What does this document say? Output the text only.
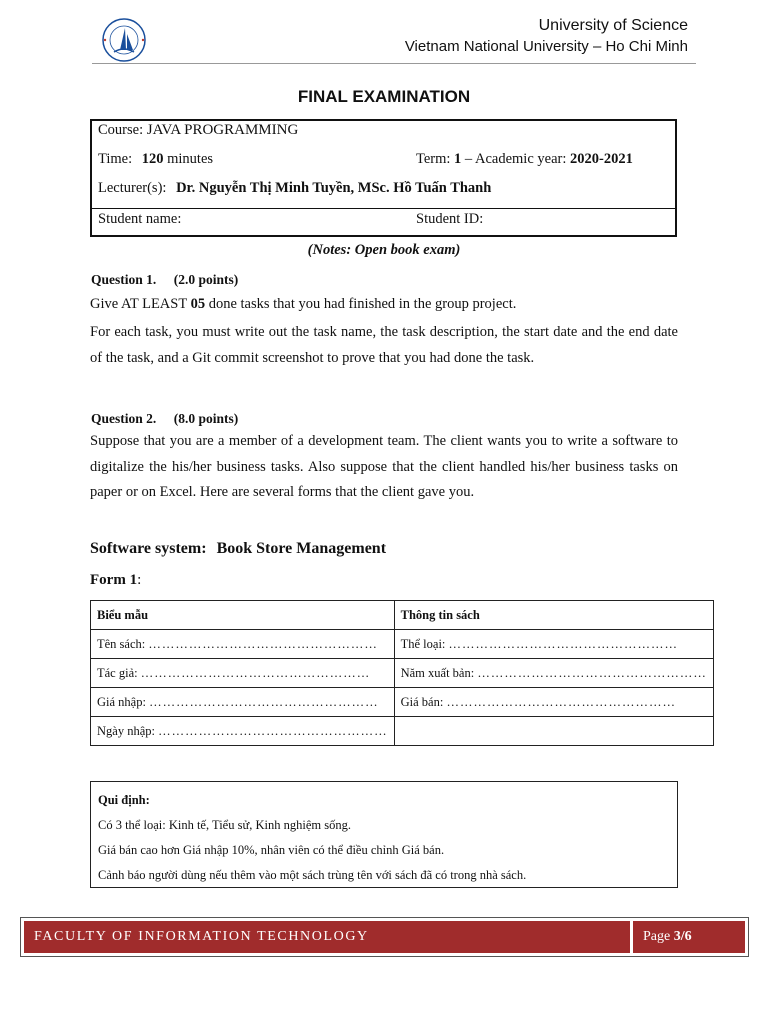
University of Science
Vietnam National University – Ho Chi Minh
FINAL EXAMINATION
Course: JAVA PROGRAMMING
Time: 120 minutes	Term: 1 – Academic year: 2020-2021
Lecturer(s): Dr. Nguyễn Thị Minh Tuyền, MSc. Hồ Tuấn Thanh
Student name:	Student ID:
(Notes: Open book exam)
Question 1. (2.0 points)
Give AT LEAST 05 done tasks that you had finished in the group project.
For each task, you must write out the task name, the task description, the start date and the end date of the task, and a Git commit screenshot to prove that you had done the task.
Question 2. (8.0 points)
Suppose that you are a member of a development team. The client wants you to write a software to digitalize the his/her business tasks. Also suppose that the client handled his/her business tasks on paper or on Excel. Here are several forms that the client gave you.
Software system: Book Store Management
Form 1:
Biểu mẫu	Thông tin sách
Tên sách: ……………………………………………	Thể loại: ……………………………………………
Tác giả: ……………………………………………	Năm xuất bản: ……………………………………………
Giá nhập: ……………………………………………	Giá bán: ……………………………………………
Ngày nhập: ……………………………………………	
Qui định:
Có 3 thể loại: Kinh tế, Tiểu sử, Kinh nghiệm sống.
Giá bán cao hơn Giá nhập 10%, nhân viên có thể điều chỉnh Giá bán.
Cảnh báo người dùng nếu thêm vào một sách trùng tên với sách đã có trong nhà sách.
FACULTY OF INFORMATION TECHNOLOGY	Page 3/6
